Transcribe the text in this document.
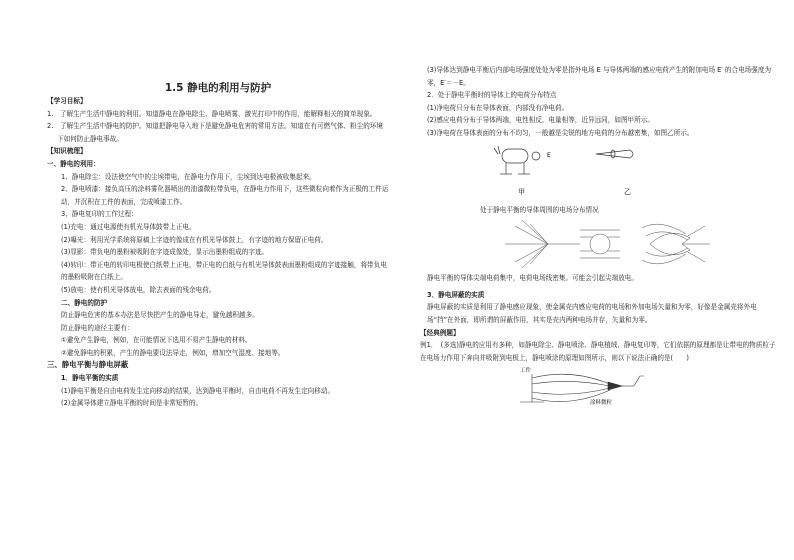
1.5 静电的利用与防护

【学习目标】

1.　了解生产生活中静电的利用。知道静电在静电除尘、静电喷雾、激光打印中的作用，能解释相关的简单现象。

2.　了解生产生活中静电的防护。知道把静电导入地下是避免静电危害的常用方法。知道在有可燃气体、粉尘的环境下如何防止静电事故。

【知识梳理】

一、静电的利用：

1、静电除尘：设法使空气中的尘埃带电，在静电力作用下，尘埃到达电极被收集起来。

2、静电喷漆：接负高压的涂料雾化器喷出的油漆微粒带负电，在静电力作用下，这些微粒向着作为正极的工件运动，并沉积在工件的表面，完成喷漆工作。

3、静电复印的工作过程：

(1)充电：通过电源使有机光导体鼓带上正电。

(2)曝光：利用光学系统将原稿上字迹的像成在有机光导体鼓上，有字迹的地方保留正电荷。

(3)显影：带负电的墨粉被吸附在字迹成像处，显示出墨粉组成的字迹。

(4)转印：带正电的转印电极使白纸带上正电，带正电的白纸与有机光导体鼓表面墨粉组成的字迹接触，将带负电的墨粉吸附在白纸上。

(5)放电：使有机光导体放电，除去表面的残余电荷。

二、静电的防护

防止静电危害的基本办法是尽快把产生的静电导走，避免越积越多。

防止静电的途径主要有：

①避免产生静电，例如，在可能情况下选用不易产生静电的材料。

②避免静电的积累，产生的静电要设法导走，例如，增加空气湿度、接地等。

三、静电平衡与静电屏蔽

1．静电平衡的实质

(1)静电平衡是自由电荷发生定向移动的结果，达到静电平衡时，自由电荷不再发生定向移动。

(2)金属导体建立静电平衡的时间是非常短暂的。

(3)导体达到静电平衡后内部电场强度处处为零是指外电场 E 与导体两端的感应电荷产生的附加电场 E′ 的合电场强度为零，E′＝－E。

2．处于静电平衡时的导体上的电荷分布特点

(1)净电荷只分布在导体表面，内部没有净电荷。

(2)感应电荷分布于导体两端，电性相反，电量相等，近异远同，如图甲所示。

(3)净电荷在导体表面的分布不均匀，一般越是尖锐的地方电荷的分布越密集，如图乙所示。

E
甲	乙

处于静电平衡的导体周围的电场分布情况

静电平衡的导体尖端电荷集中，电荷电场线密集。可能会引起尖端放电。

3．静电屏蔽的实质

静电屏蔽的实质是利用了静电感应现象，使金属壳内感应电荷的电场和外加电场矢量和为零，好像是金属壳将外电场“挡”在外面，即所谓的屏蔽作用，其实是壳内两种电场并存，矢量和为零。

【经典例题】

例1．　(多选)静电的应用有多种，如静电除尘、静电喷涂、静电植绒、静电复印等，它们依据的原理都是让带电的物质粒子在电场力作用下奔向并吸附到电极上，静电喷涂的原理如图所示，则以下说法正确的是(　　)

工件
涂料微粒
